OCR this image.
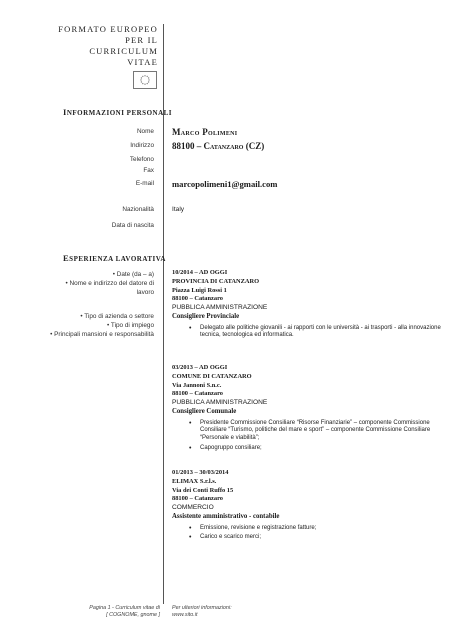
FORMATO EUROPEO
PER IL CURRICULUM
VITAE
INFORMAZIONI PERSONALI
Nome Marco Polimeni
Indirizzo 88100 – Catanzaro (CZ)
Telefono
Fax
E-mail marcopolimeni1@gmail.com
Nazionalità	Italy
Data di nascita
ESPERIENZA LAVORATIVA
• Date (da – a)
• Nome e indirizzo del datore di lavoro
• Tipo di azienda o settore
• Tipo di impiego
• Principali mansioni e responsabilità
10/2014 – AD OGGI
PROVINCIA DI CATANZARO
Piazza Luigi Rossi 1
88100 – Catanzaro
PUBBLICA AMMINISTRAZIONE
Consigliere Provinciale
• Delegato alle politiche giovanili - ai rapporti con le università - ai trasporti - alla innovazione tecnica, tecnologica ed informatica.
03/2013 – AD OGGI
COMUNE DI CATANZARO
Via Jannoni S.n.c.
88100 – Catanzaro
PUBBLICA AMMINISTRAZIONE
Consigliere Comunale
• Presidente Commissione Consiliare “Risorse Finanziarie” – componente Commissione Consiliare “Turismo, politiche del mare e sport” – componente Commissione Consiliare “Personale e viabilità”;
• Capogruppo consiliare;
01/2013 – 30/03/2014
ELIMAX S.r.l.s.
Via dei Conti Ruffo 15
88100 – Catanzaro
COMMERCIO
Assistente amministrativo - contabile
• Emissione, revisione e registrazione fatture;
• Carico e scarico merci;
Pagina 1 - Curriculum vitae di
[ COGNOME, gnome ]
Per ulteriori informazioni:
www.sito.it
